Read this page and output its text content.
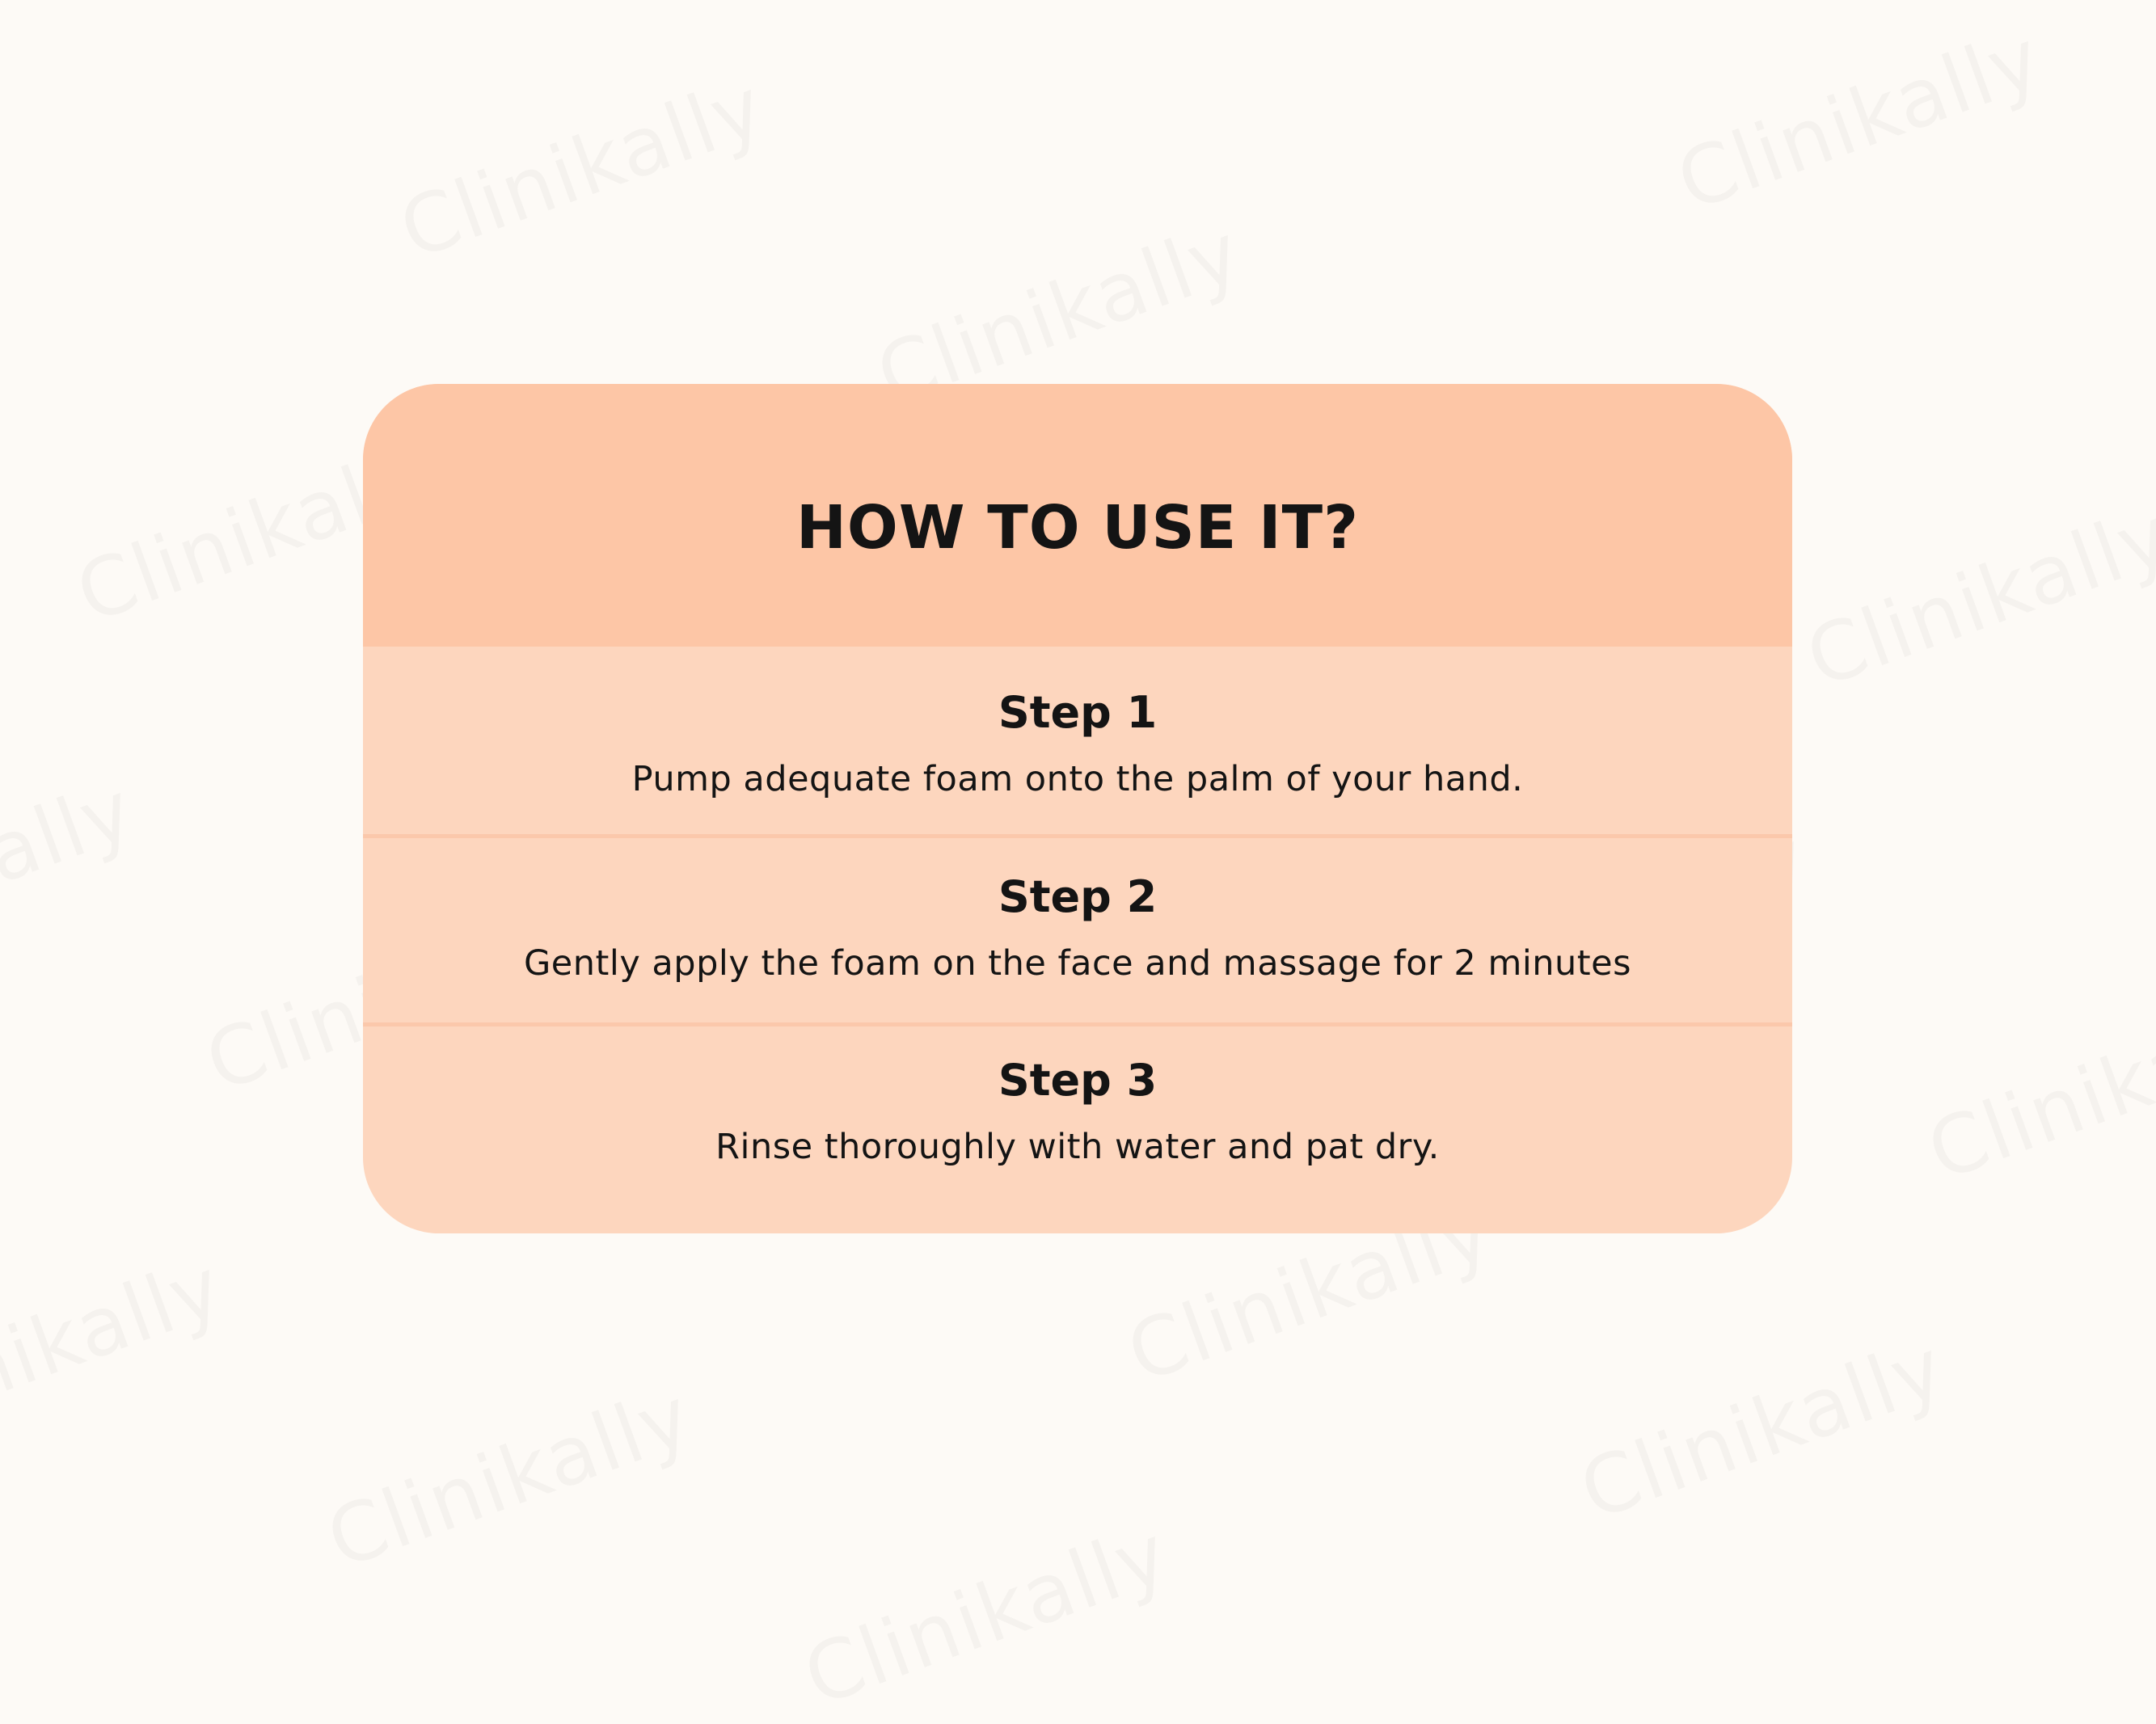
HOW TO USE IT?
Step 1
Pump adequate foam onto the palm of your hand.
Step 2
Gently apply the foam on the face and massage for 2 minutes
Step 3
Rinse thoroughly with water and pat dry.
